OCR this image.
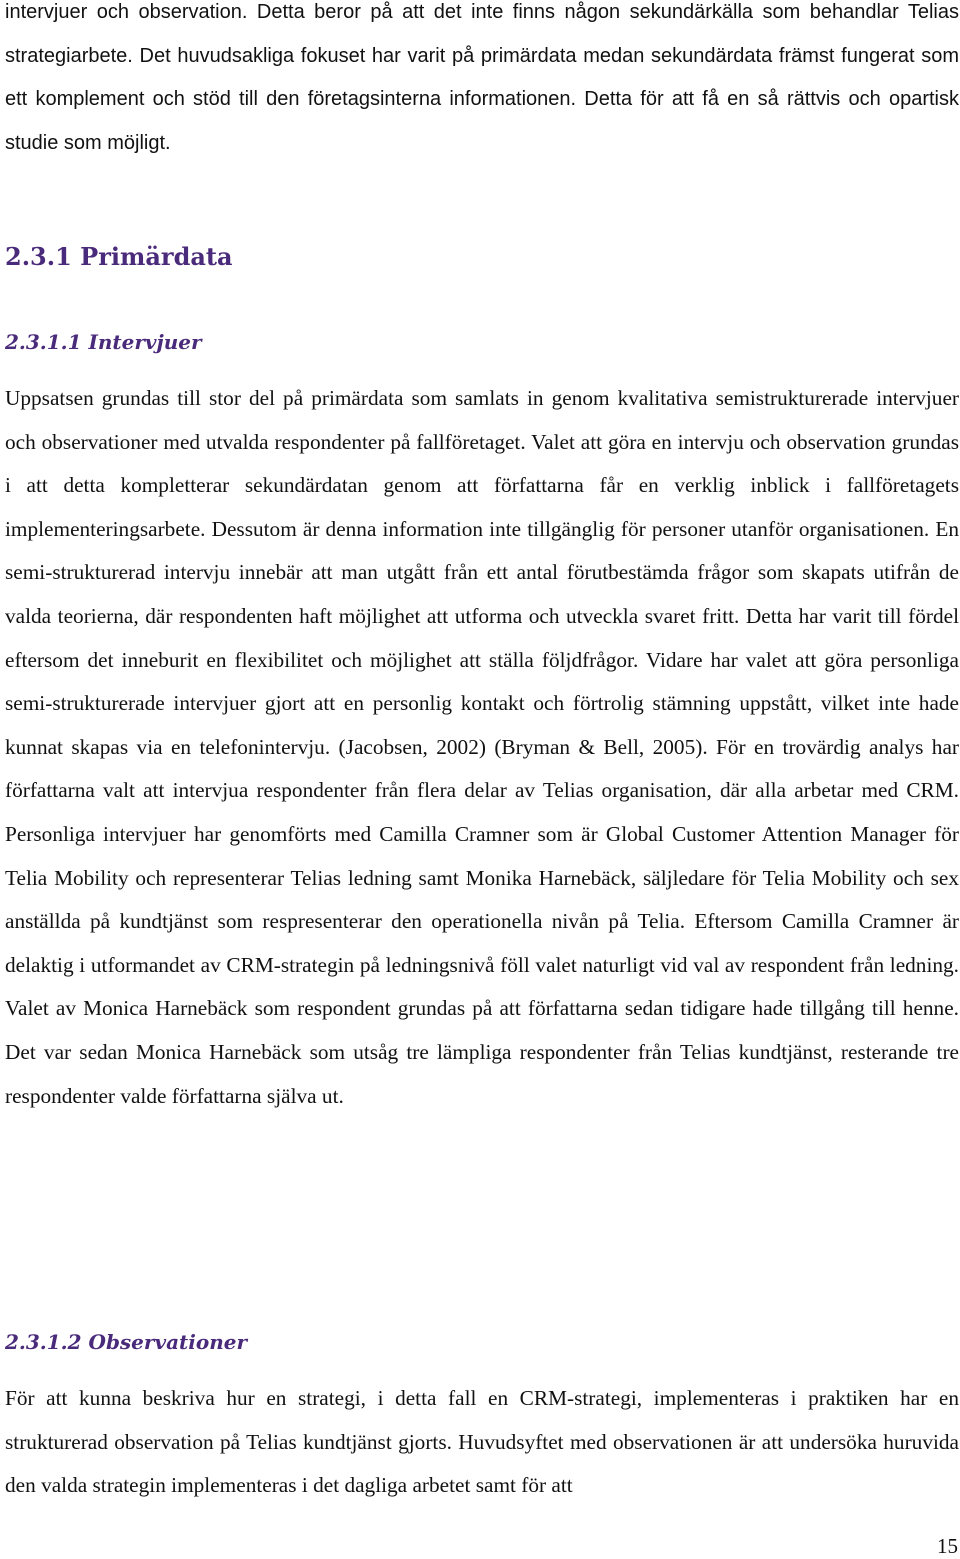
intervjuer och observation. Detta beror på att det inte finns någon sekundärkälla som behandlar Telias strategiarbete. Det huvudsakliga fokuset har varit på primärdata medan sekundärdata främst fungerat som ett komplement och stöd till den företagsinterna informationen. Detta för att få en så rättvis och opartisk studie som möjligt.

2.3.1 Primärdata
2.3.1.1 Intervjuer

Uppsatsen grundas till stor del på primärdata som samlats in genom kvalitativa semistrukturerade intervjuer och observationer med utvalda respondenter på fallföretaget. Valet att göra en intervju och observation grundas i att detta kompletterar sekundärdatan genom att författarna får en verklig inblick i fallföretagets implementeringsarbete. Dessutom är denna information inte tillgänglig för personer utanför organisationen. En semi-strukturerad intervju innebär att man utgått från ett antal förutbestämda frågor som skapats utifrån de valda teorierna, där respondenten haft möjlighet att utforma och utveckla svaret fritt. Detta har varit till fördel eftersom det inneburit en flexibilitet och möjlighet att ställa följdfrågor. Vidare har valet att göra personliga semi-strukturerade intervjuer gjort att en personlig kontakt och förtrolig stämning uppstått, vilket inte hade kunnat skapas via en telefonintervju. (Jacobsen, 2002) (Bryman & Bell, 2005). För en trovärdig analys har författarna valt att intervjua respondenter från flera delar av Telias organisation, där alla arbetar med CRM. Personliga intervjuer har genomförts med Camilla Cramner som är Global Customer Attention Manager för Telia Mobility och representerar Telias ledning samt Monika Harnebäck, säljledare för Telia Mobility och sex anställda på kundtjänst som respresenterar den operationella nivån på Telia. Eftersom Camilla Cramner är delaktig i utformandet av CRM-strategin på ledningsnivå föll valet naturligt vid val av respondent från ledning. Valet av Monica Harnebäck som respondent grundas på att författarna sedan tidigare hade tillgång till henne. Det var sedan Monica Harnebäck som utsåg tre lämpliga respondenter från Telias kundtjänst, resterande tre respondenter valde författarna själva ut.

2.3.1.2 Observationer

För att kunna beskriva hur en strategi, i detta fall en CRM-strategi, implementeras i praktiken har en strukturerad observation på Telias kundtjänst gjorts. Huvudsyftet med observationen är att undersöka huruvida den valda strategin implementeras i det dagliga arbetet samt för att

15
